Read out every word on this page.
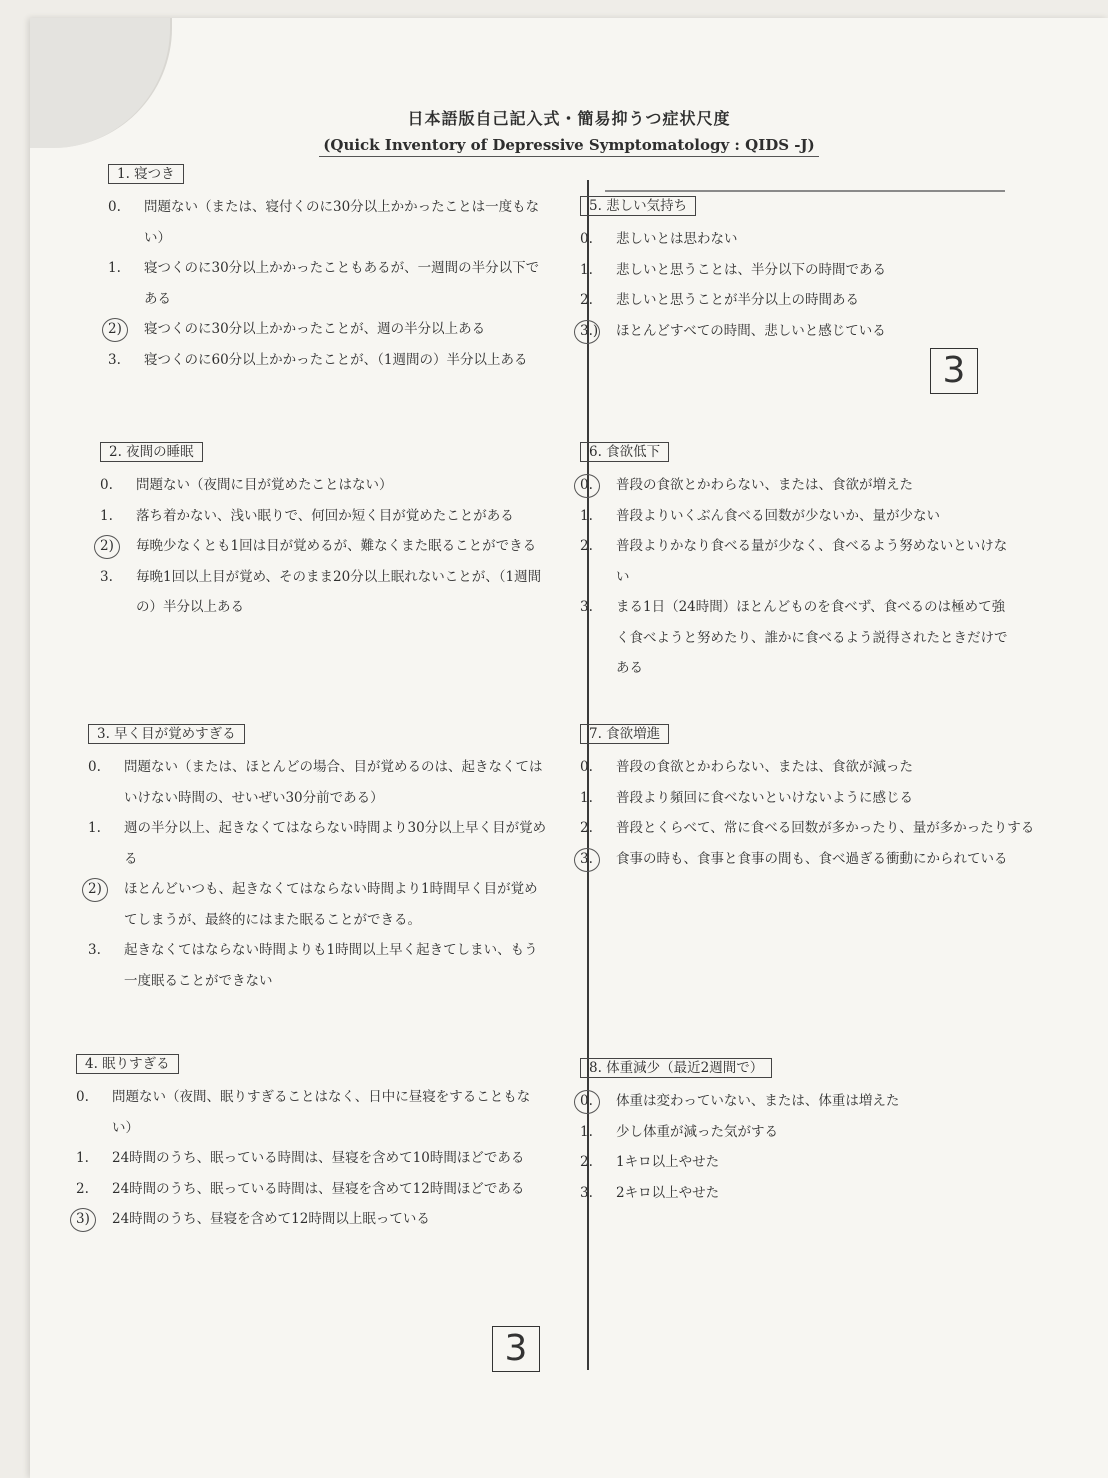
日本語版自己記入式・簡易抑うつ症状尺度
(Quick Inventory of Depressive Symptomatology : QIDS -J)
1. 寝つき
0.	問題ない（または、寝付くのに30分以上かかったことは一度もない）
1.	寝つくのに30分以上かかったこともあるが、一週間の半分以下である
2)	寝つくのに30分以上かかったことが、週の半分以上ある
3.	寝つくのに60分以上かかったことが、（1週間の）半分以上ある
2. 夜間の睡眠
0.	問題ない（夜間に目が覚めたことはない）
1.	落ち着かない、浅い眠りで、何回か短く目が覚めたことがある
2)	毎晩少なくとも1回は目が覚めるが、難なくまた眠ることができる
3.	毎晩1回以上目が覚め、そのまま20分以上眠れないことが、（1週間の）半分以上ある
3. 早く目が覚めすぎる
0.	問題ない（または、ほとんどの場合、目が覚めるのは、起きなくてはいけない時間の、せいぜい30分前である）
1.	週の半分以上、起きなくてはならない時間より30分以上早く目が覚める
2)	ほとんどいつも、起きなくてはならない時間より1時間早く目が覚めてしまうが、最終的にはまた眠ることができる。
3.	起きなくてはならない時間よりも1時間以上早く起きてしまい、もう一度眠ることができない
4. 眠りすぎる
0.	問題ない（夜間、眠りすぎることはなく、日中に昼寝をすることもない）
1.	24時間のうち、眠っている時間は、昼寝を含めて10時間ほどである
2.	24時間のうち、眠っている時間は、昼寝を含めて12時間ほどである
3)	24時間のうち、昼寝を含めて12時間以上眠っている
5. 悲しい気持ち
0.	悲しいとは思わない
1.	悲しいと思うことは、半分以下の時間である
2.	悲しいと思うことが半分以上の時間ある
3.)	ほとんどすべての時間、悲しいと感じている
6. 食欲低下
0.	普段の食欲とかわらない、または、食欲が増えた
1.	普段よりいくぶん食べる回数が少ないか、量が少ない
2.	普段よりかなり食べる量が少なく、食べるよう努めないといけない
3.	まる1日（24時間）ほとんどものを食べず、食べるのは極めて強く食べようと努めたり、誰かに食べるよう説得されたときだけである
7. 食欲増進
0.	普段の食欲とかわらない、または、食欲が減った
1.	普段より頻回に食べないといけないように感じる
2.	普段とくらべて、常に食べる回数が多かったり、量が多かったりする
3.	食事の時も、食事と食事の間も、食べ過ぎる衝動にかられている
8. 体重減少（最近2週間で）
0.	体重は変わっていない、または、体重は増えた
1.	少し体重が減った気がする
2.	1キロ以上やせた
3.	2キロ以上やせた
3
3
